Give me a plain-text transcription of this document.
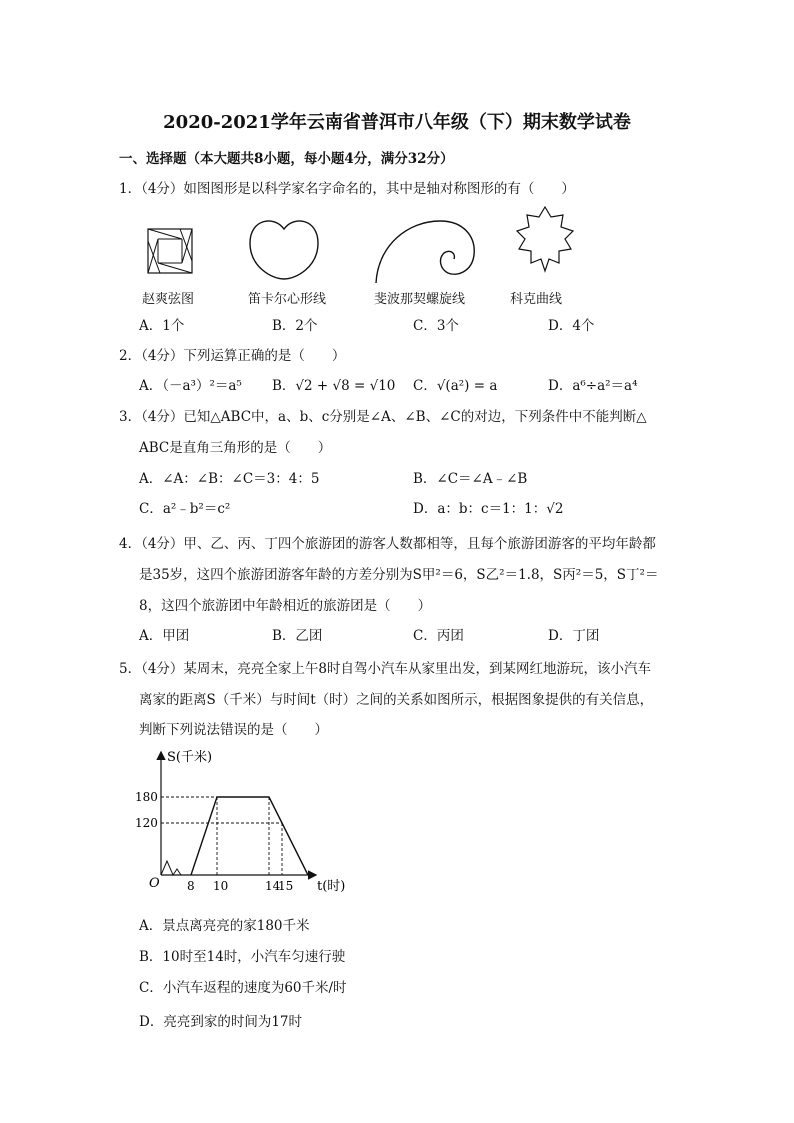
2020-2021学年云南省普洱市八年级（下）期末数学试卷
一、选择题（本大题共8小题，每小题4分，满分32分）
1．（4分）如图图形是以科学家名字命名的，其中是轴对称图形的有（　　）
赵爽弦图	笛卡尔心形线	斐波那契螺旋线	科克曲线
A．1个	B．2个	C．3个	D．4个
2．（4分）下列运算正确的是（　　）
A．（－a³）²＝a⁵ B．√2 + √8 = √10 C．√(a²) = a	D．a⁶÷a²＝a⁴
3．（4分）已知△ABC中，a、b、c分别是∠A、∠B、∠C的对边，下列条件中不能判断△
ABC是直角三角形的是（　　）
A．∠A：∠B：∠C＝3：4：5	B．∠C＝∠A﹣∠B
C．a²﹣b²＝c²	D．a：b：c＝1：1：√2
4．（4分）甲、乙、丙、丁四个旅游团的游客人数都相等，且每个旅游团游客的平均年龄都
是35岁，这四个旅游团游客年龄的方差分别为S甲²＝6，S乙²＝1.8，S丙²＝5，S丁²＝
8，这四个旅游团中年龄相近的旅游团是（　　）
A．甲团	B．乙团	C．丙团	D．丁团
5．（4分）某周末，亮亮全家上午8时自驾小汽车从家里出发，到某网红地游玩，该小汽车
离家的距离S（千米）与时间t（时）之间的关系如图所示，根据图象提供的有关信息，
判断下列说法错误的是（　　）
8 10	14
15
180
120
S(千米)
t(时)
O
A．景点离亮亮的家180千米
B．10时至14时，小汽车匀速行驶
C．小汽车返程的速度为60千米/时
D．亮亮到家的时间为17时
